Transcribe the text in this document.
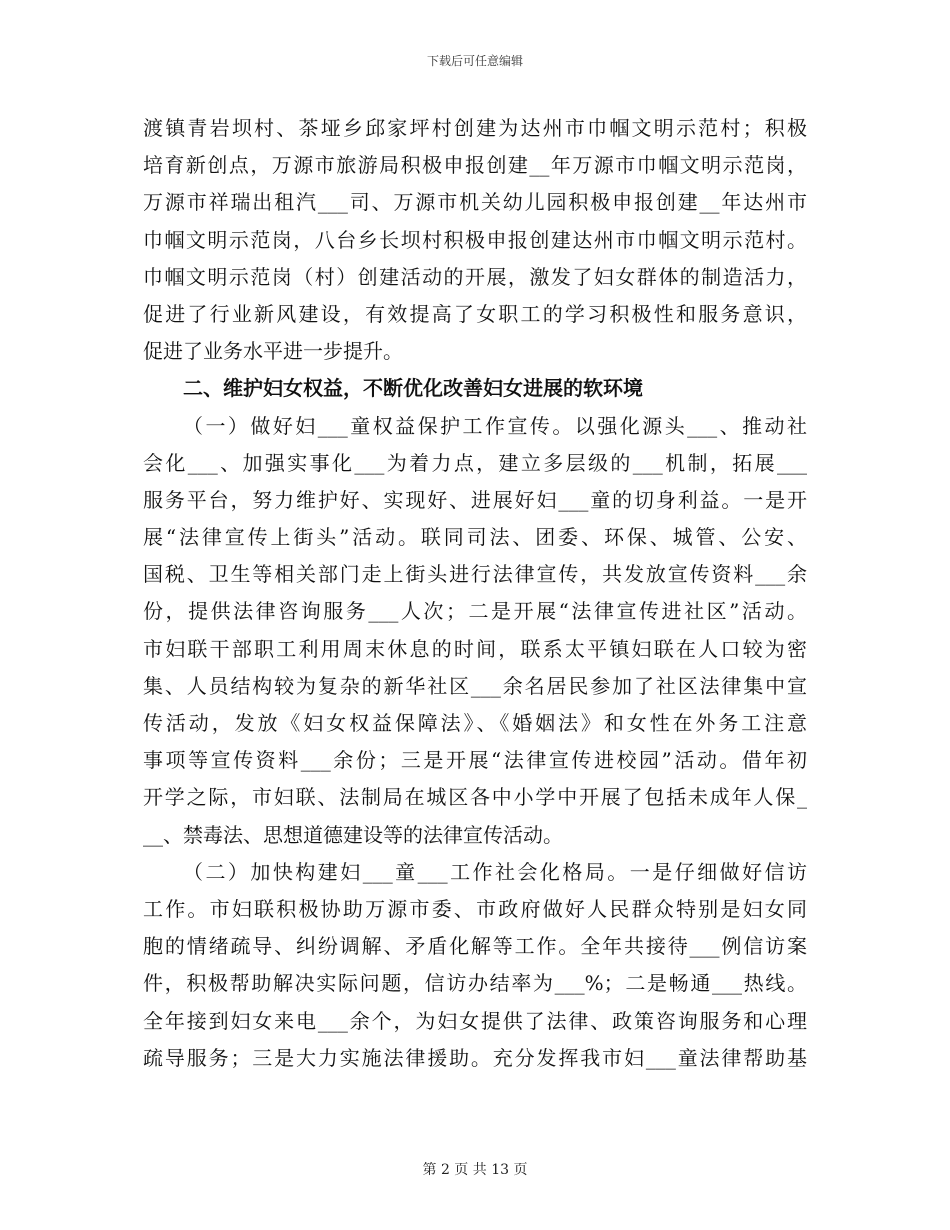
下载后可任意编辑
渡镇青岩坝村、茶垭乡邱家坪村创建为达州市巾帼文明示范村；积极
培育新创点，万源市旅游局积极申报创建__年万源市巾帼文明示范岗，
万源市祥瑞出租汽___司、万源市机关幼儿园积极申报创建__年达州市
巾帼文明示范岗，八台乡长坝村积极申报创建达州市巾帼文明示范村。
巾帼文明示范岗（村）创建活动的开展，激发了妇女群体的制造活力，
促进了行业新风建设，有效提高了女职工的学习积极性和服务意识，
促进了业务水平进一步提升。
二、维护妇女权益，不断优化改善妇女进展的软环境
（一）做好妇___童权益保护工作宣传。以强化源头___、推动社
会化___、加强实事化___为着力点，建立多层级的___机制，拓展___
服务平台，努力维护好、实现好、进展好妇___童的切身利益。一是开
展“法律宣传上街头”活动。联同司法、团委、环保、城管、公安、
国税、卫生等相关部门走上街头进行法律宣传，共发放宣传资料___余
份，提供法律咨询服务___人次；二是开展“法律宣传进社区”活动。
市妇联干部职工利用周末休息的时间，联系太平镇妇联在人口较为密
集、人员结构较为复杂的新华社区___余名居民参加了社区法律集中宣
传活动，发放《妇女权益保障法》、《婚姻法》和女性在外务工注意
事项等宣传资料___余份；三是开展“法律宣传进校园”活动。借年初
开学之际，市妇联、法制局在城区各中小学中开展了包括未成年人保_
__、禁毒法、思想道德建设等的法律宣传活动。
（二）加快构建妇___童___工作社会化格局。一是仔细做好信访
工作。市妇联积极协助万源市委、市政府做好人民群众特别是妇女同
胞的情绪疏导、纠纷调解、矛盾化解等工作。全年共接待___例信访案
件，积极帮助解决实际问题，信访办结率为___%；二是畅通___热线。
全年接到妇女来电___余个，为妇女提供了法律、政策咨询服务和心理
疏导服务；三是大力实施法律援助。充分发挥我市妇___童法律帮助基
第 2 页 共 13 页
